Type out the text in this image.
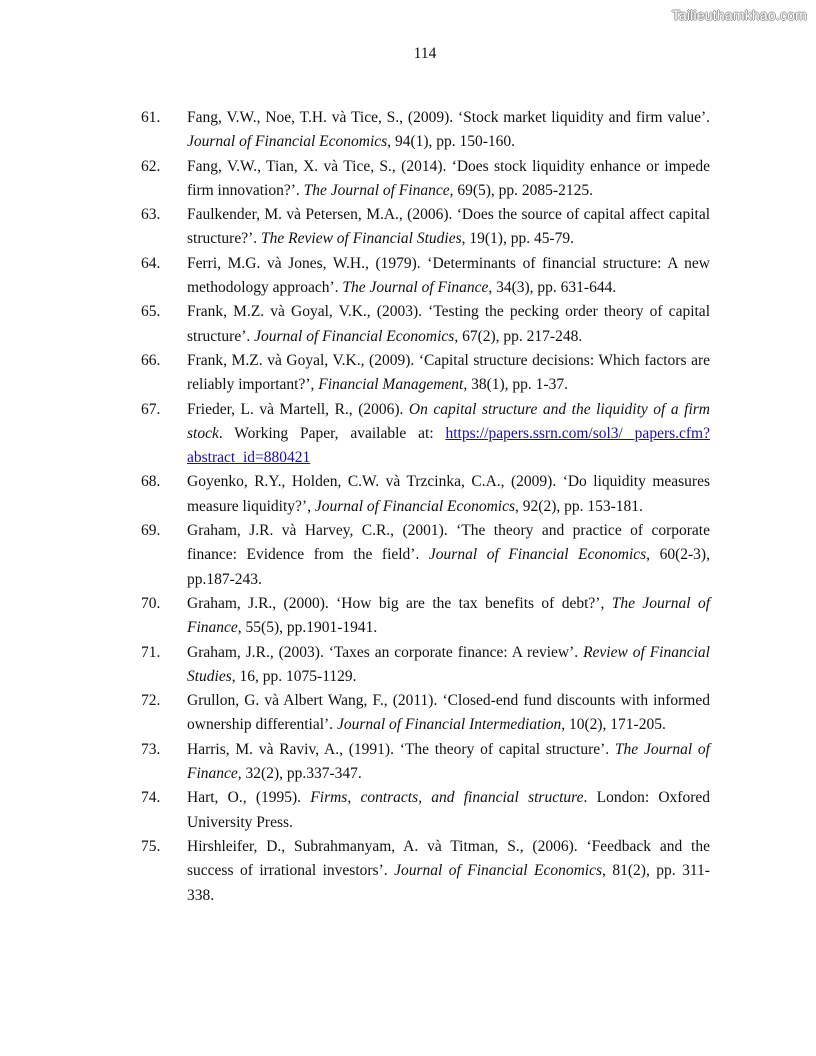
Tailieuthamkhao.com
114
61.	Fang, V.W., Noe, T.H. và Tice, S., (2009). ‘Stock market liquidity and firm value’. Journal of Financial Economics, 94(1), pp. 150-160.
62.	Fang, V.W., Tian, X. và Tice, S., (2014). ‘Does stock liquidity enhance or impede firm innovation?’. The Journal of Finance, 69(5), pp. 2085-2125.
63.	Faulkender, M. và Petersen, M.A., (2006). ‘Does the source of capital affect capital structure?’. The Review of Financial Studies, 19(1), pp. 45-79.
64.	Ferri, M.G. và Jones, W.H., (1979). ‘Determinants of financial structure: A new methodology approach’. The Journal of Finance, 34(3), pp. 631-644.
65.	Frank, M.Z. và Goyal, V.K., (2003). ‘Testing the pecking order theory of capital structure’. Journal of Financial Economics, 67(2), pp. 217-248.
66.	Frank, M.Z. và Goyal, V.K., (2009). ‘Capital structure decisions: Which factors are reliably important?’, Financial Management, 38(1), pp. 1-37.
67.	Frieder, L. và Martell, R., (2006). On capital structure and the liquidity of a firm stock. Working Paper, available at: https://papers.ssrn.com/sol3/ papers.cfm?abstract_id=880421
68.	Goyenko, R.Y., Holden, C.W. và Trzcinka, C.A., (2009). ‘Do liquidity measures measure liquidity?’, Journal of Financial Economics, 92(2), pp. 153-181.
69.	Graham, J.R. và Harvey, C.R., (2001). ‘The theory and practice of corporate finance: Evidence from the field’. Journal of Financial Economics, 60(2-3), pp.187-243.
70.	Graham, J.R., (2000). ‘How big are the tax benefits of debt?’, The Journal of Finance, 55(5), pp.1901-1941.
71.	Graham, J.R., (2003). ‘Taxes an corporate finance: A review’. Review of Financial Studies, 16, pp. 1075-1129.
72.	Grullon, G. và Albert Wang, F., (2011). ‘Closed-end fund discounts with informed ownership differential’. Journal of Financial Intermediation, 10(2), 171-205.
73.	Harris, M. và Raviv, A., (1991). ‘The theory of capital structure’. The Journal of Finance, 32(2), pp.337-347.
74.	Hart, O., (1995). Firms, contracts, and financial structure. London: Oxfored University Press.
75.	Hirshleifer, D., Subrahmanyam, A. và Titman, S., (2006). ‘Feedback and the success of irrational investors’. Journal of Financial Economics, 81(2), pp. 311-338.
